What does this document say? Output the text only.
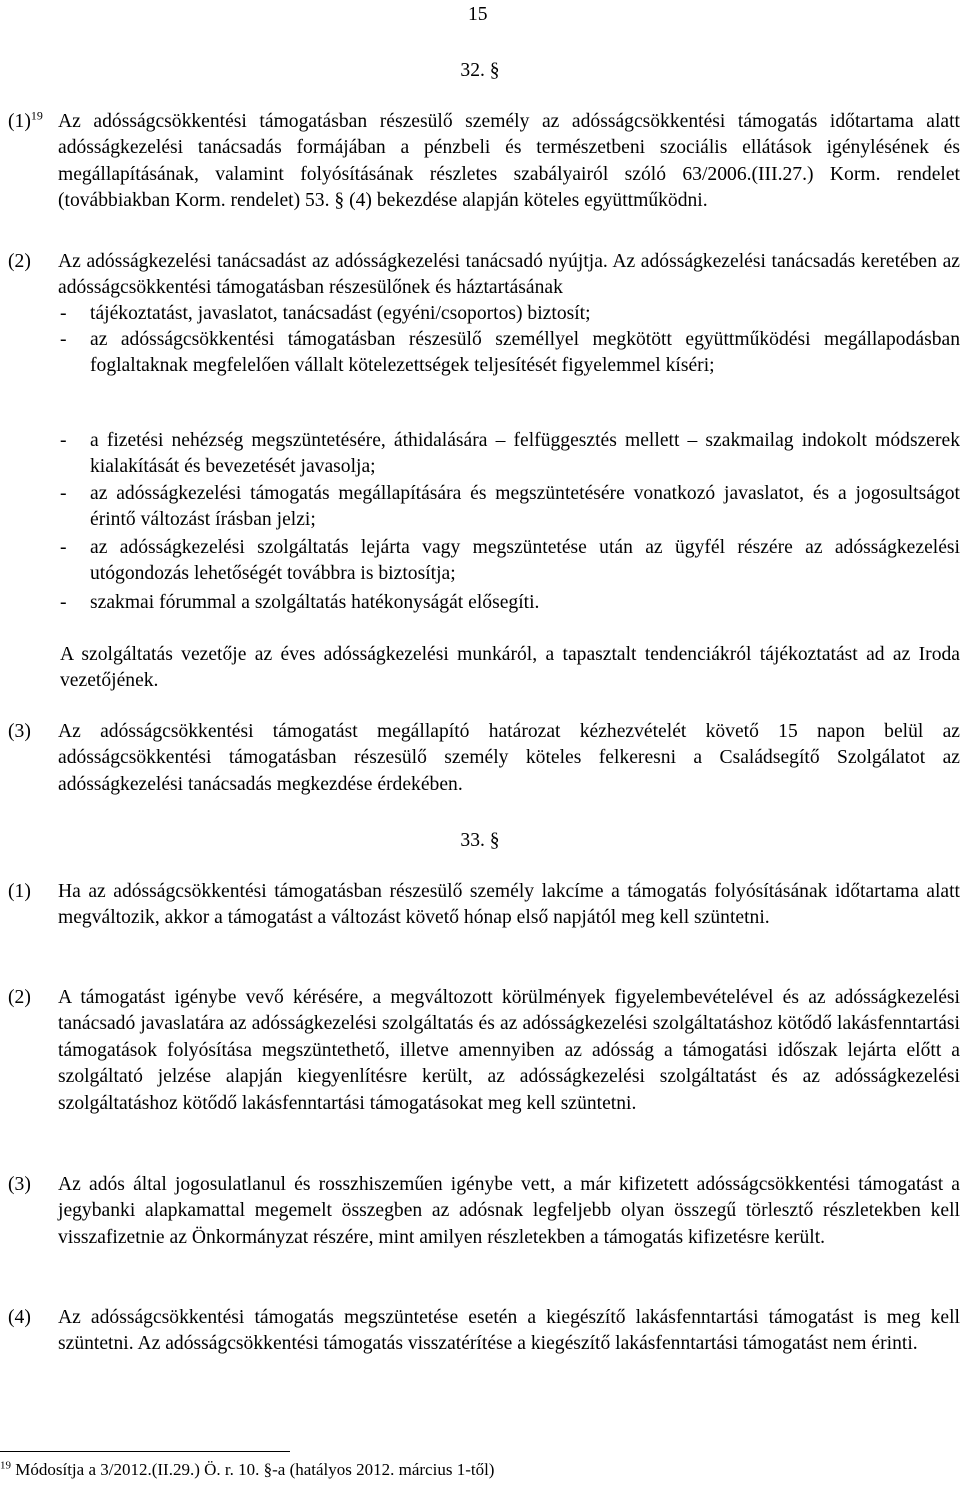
15
32. §
$(1)^{19}$ Az adósságcsökkentési támogatásban részesülő személy az adósságcsökkentési támogatás időtartama alatt adósságkezelési tanácsadás formájában a pénzbeli és természetbeni szociális ellátások igénylésének és megállapításának, valamint folyósításának részletes szabályairól szóló 63/2006.(III.27.) Korm. rendelet (továbbiakban Korm. rendelet) 53. § (4) bekezdése alapján köteles együttműködni.
(2)	Az adósságkezelési tanácsadást az adósságkezelési tanácsadó nyújtja. Az adósságkezelési tanácsadás keretében az adósságcsökkentési támogatásban részesülőnek és háztartásának
- tájékoztatást, javaslatot, tanácsadást (egyéni/csoportos) biztosít;
- az adósságcsökkentési támogatásban részesülő személlyel megkötött együttműködési megállapodásban foglaltaknak megfelelően vállalt kötelezettségek teljesítését figyelemmel kíséri;
- a fizetési nehézség megszüntetésére, áthidalására – felfüggesztés mellett – szakmailag indokolt módszerek kialakítását és bevezetését javasolja;
- az adósságkezelési támogatás megállapítására és megszüntetésére vonatkozó javaslatot, és a jogosultságot érintő változást írásban jelzi;
- az adósságkezelési szolgáltatás lejárta vagy megszüntetése után az ügyfél részére az adósságkezelési utógondozás lehetőségét továbbra is biztosítja;
- szakmai fórummal a szolgáltatás hatékonyságát elősegíti.
A szolgáltatás vezetője az éves adósságkezelési munkáról, a tapasztalt tendenciákról tájékoztatást ad az Iroda vezetőjének.
(3)	Az adósságcsökkentési támogatást megállapító határozat kézhezvételét követő 15 napon belül az adósságcsökkentési támogatásban részesülő személy köteles felkeresni a Családsegítő Szolgálatot az adósságkezelési tanácsadás megkezdése érdekében.
33. §
(1)	Ha az adósságcsökkentési támogatásban részesülő személy lakcíme a támogatás folyósításának időtartama alatt megváltozik, akkor a támogatást a változást követő hónap első napjától meg kell szüntetni.
(2)	A támogatást igénybe vevő kérésére, a megváltozott körülmények figyelembevételével és az adósságkezelési tanácsadó javaslatára az adósságkezelési szolgáltatás és az adósságkezelési szolgáltatáshoz kötődő lakásfenntartási támogatások folyósítása megszüntethető, illetve amennyiben az adósság a támogatási időszak lejárta előtt a szolgáltató jelzése alapján kiegyenlítésre került, az adósságkezelési szolgáltatást és az adósságkezelési szolgáltatáshoz kötődő lakásfenntartási támogatásokat meg kell szüntetni.
(3)	Az adós által jogosulatlanul és rosszhiszeműen igénybe vett, a már kifizetett adósságcsökkentési támogatást a jegybanki alapkamattal megemelt összegben az adósnak legfeljebb olyan összegű törlesztő részletekben kell visszafizetnie az Önkormányzat részére, mint amilyen részletekben a támogatás kifizetésre került.
(4)	Az adósságcsökkentési támogatás megszüntetése esetén a kiegészítő lakásfenntartási támogatást is meg kell szüntetni. Az adósságcsökkentési támogatás visszatérítése a kiegészítő lakásfenntartási támogatást nem érinti.
$^{19}$ Módosítja a 3/2012.(II.29.) Ö. r. 10. §-a (hatályos 2012. március 1-től)
